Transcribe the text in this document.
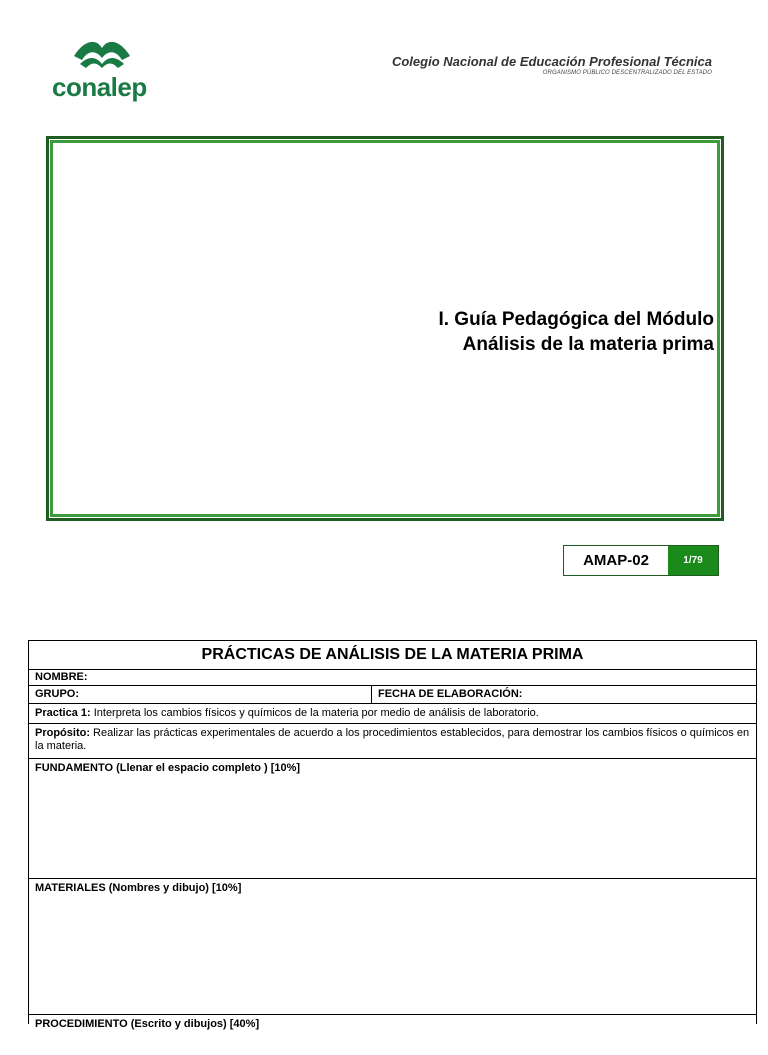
conalep
Colegio Nacional de Educación Profesional Técnica
ORGANISMO PÚBLICO DESCENTRALIZADO DEL ESTADO
I. Guía Pedagógica del Módulo
Análisis de la materia prima
AMAP-02	1/79
PRÁCTICAS DE ANÁLISIS DE LA MATERIA PRIMA
NOMBRE:
GRUPO:	FECHA DE ELABORACIÓN:
Practica 1: Interpreta los cambios físicos y químicos de la materia por medio de análisis de laboratorio.
Propósito: Realizar las prácticas experimentales de acuerdo a los procedimientos establecidos, para demostrar los cambios físicos o químicos en la materia.
FUNDAMENTO (Llenar el espacio completo ) [10%]
MATERIALES (Nombres y dibujo) [10%]
PROCEDIMIENTO (Escrito y dibujos) [40%]
